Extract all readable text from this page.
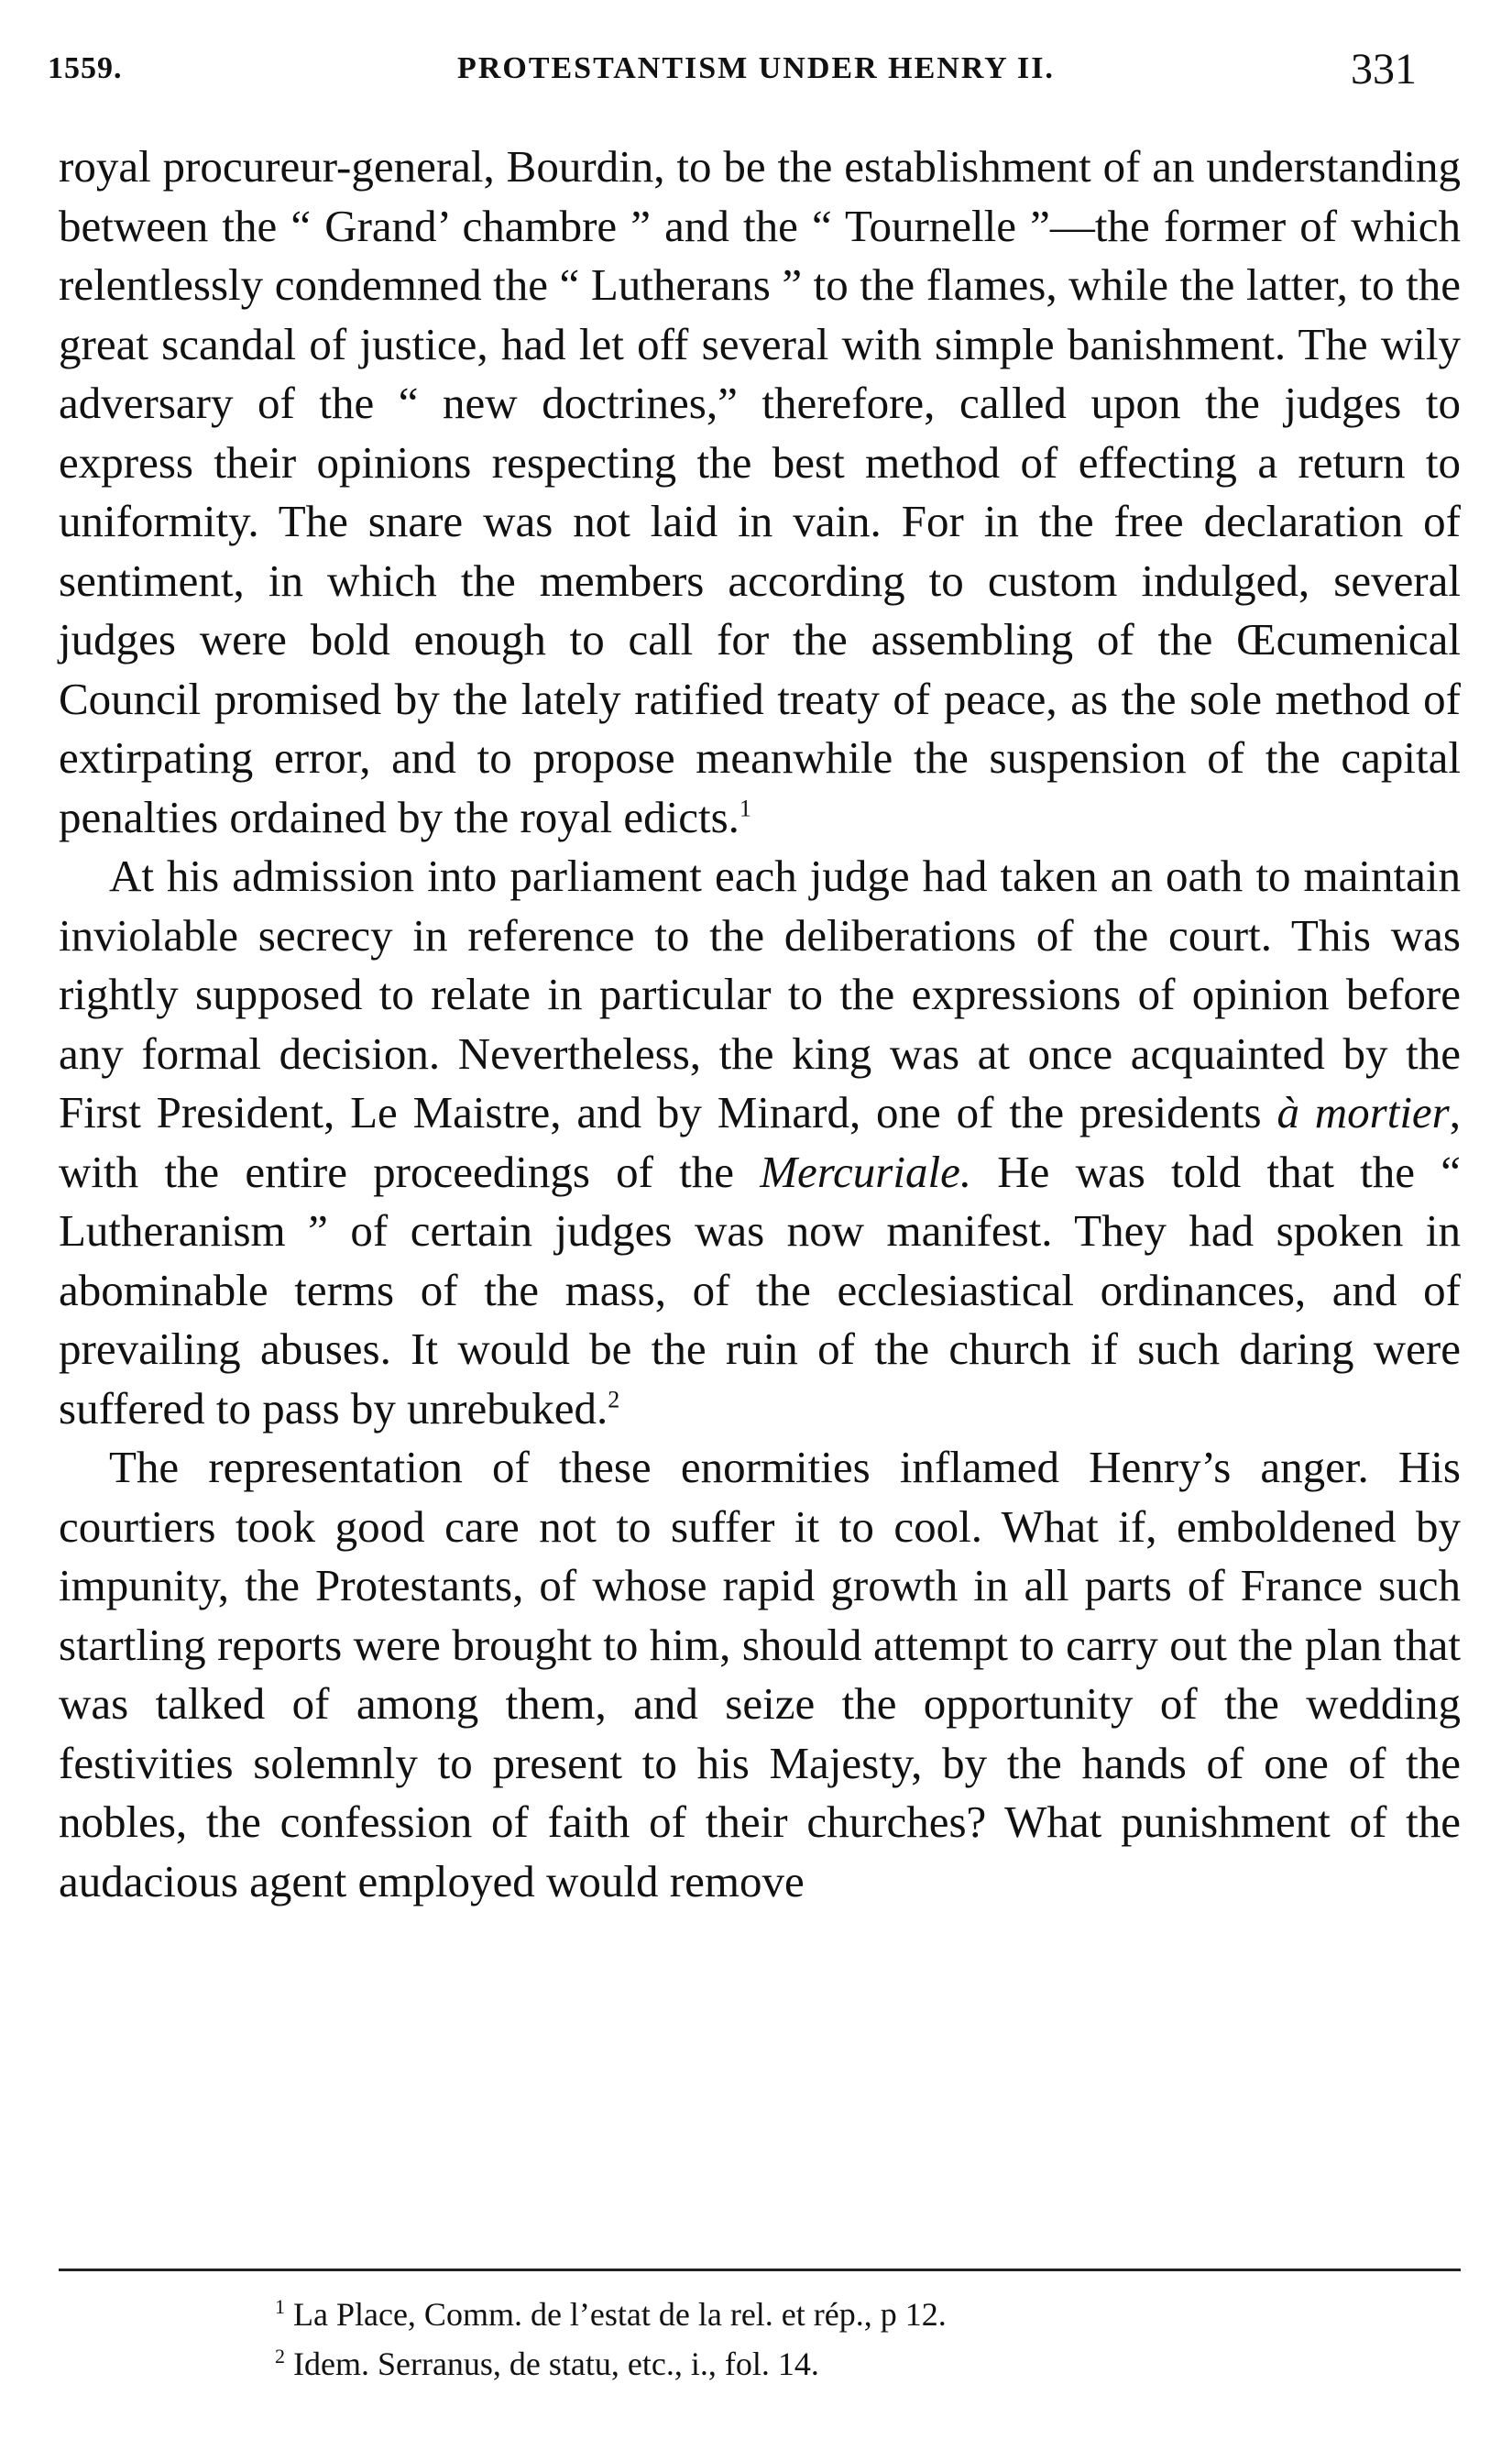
1559.	PROTESTANTISM UNDER HENRY II.	331

royal procureur-general, Bourdin, to be the establishment of an understanding between the “ Grand’ chambre ” and the “ Tournelle ”—the former of which relentlessly condemned the “ Lutherans ” to the flames, while the latter, to the great scandal of justice, had let off several with simple banishment. The wily adversary of the “ new doctrines,” therefore, called upon the judges to express their opinions respecting the best method of effecting a return to uniformity. The snare was not laid in vain. For in the free declaration of sentiment, in which the members according to custom indulged, several judges were bold enough to call for the assembling of the Œcumenical Council promised by the lately ratified treaty of peace, as the sole method of extirpating error, and to propose meanwhile the suspension of the capital penalties ordained by the royal edicts.$^1$

At his admission into parliament each judge had taken an oath to maintain inviolable secrecy in reference to the deliberations of the court. This was rightly supposed to relate in particular to the expressions of opinion before any formal decision. Nevertheless, the king was at once acquainted by the First President, Le Maistre, and by Minard, one of the presidents à mortier, with the entire proceedings of the Mercuriale. He was told that the “ Lutheranism ” of certain judges was now manifest. They had spoken in abominable terms of the mass, of the ecclesiastical ordinances, and of prevailing abuses. It would be the ruin of the church if such daring were suffered to pass by unrebuked.$^2$

The representation of these enormities inflamed Henry’s anger. His courtiers took good care not to suffer it to cool. What if, emboldened by impunity, the Protestants, of whose rapid growth in all parts of France such startling reports were brought to him, should attempt to carry out the plan that was talked of among them, and seize the opportunity of the wedding festivities solemnly to present to his Majesty, by the hands of one of the nobles, the confession of faith of their churches? What punishment of the audacious agent employed would remove

$^1$ La Place, Comm. de l’estat de la rel. et rép., p 12.
$^2$ Idem. Serranus, de statu, etc., i., fol. 14.
